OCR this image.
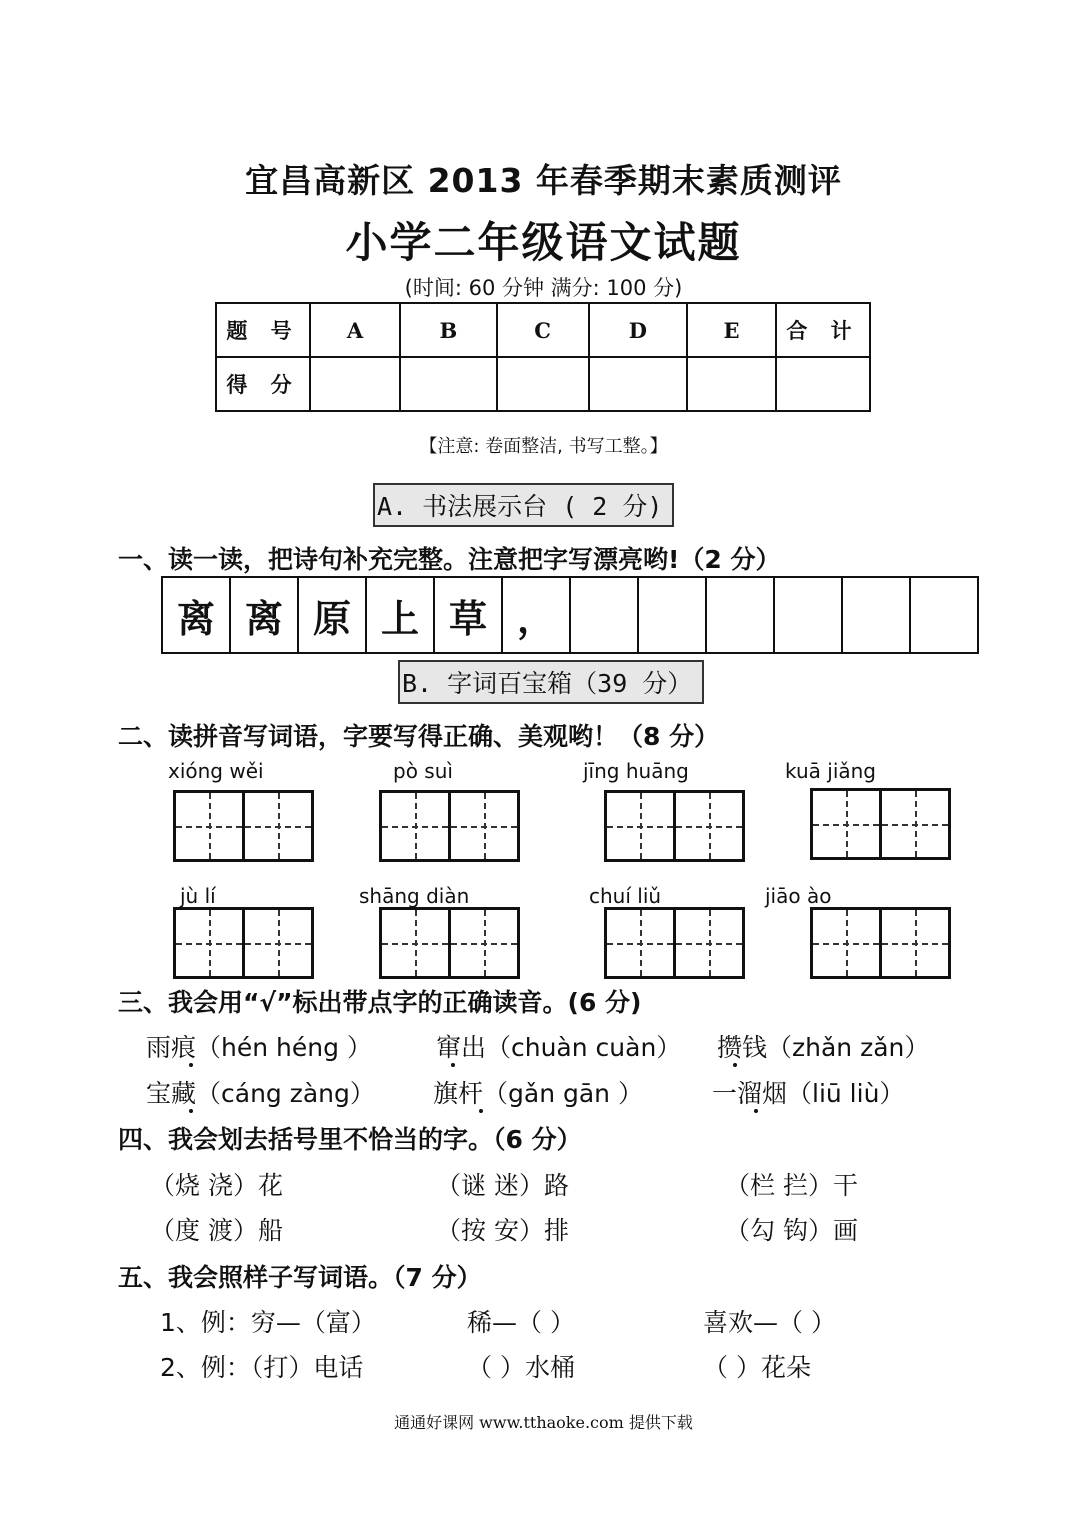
宜昌高新区 2013 年春季期末素质测评
小学二年级语文试题
(时间: 60 分钟 满分: 100 分)
题 号	A	B	C	D	E	合 计
得 分						
【注意: 卷面整洁, 书写工整。】
A. 书法展示台 ( 2 分)
一、读一读，把诗句补充完整。注意把字写漂亮哟!（2 分）
离 离 原 上 草 ，
B. 字词百宝箱（39 分）
二、读拼音写词语，字要写得正确、美观哟！（8 分）
xióng wěi	pò suì	jīng huāng	kuā jiǎng
jù lí	shāng diàn	chuí liǔ	jiāo ào
三、我会用“√”标出带点字的正确读音。(6 分)
雨痕（hén héng ）	窜出（chuàn cuàn） 攒钱（zhǎn zǎn）
宝藏（cáng zàng） 旗杆（gǎn gān ）	一溜烟（liū liù）
四、我会划去括号里不恰当的字。（6 分）
（烧 浇）花	（谜 迷）路	（栏 拦）干
（度 渡）船	（按 安）排	（勾 钩）画
五、我会照样子写词语。（7 分）
1、例：穷—（富）	稀—（ ）	喜欢—（ ）
2、例：（打）电话	（ ）水桶	（ ）花朵
通通好课网 www.tthaoke.com 提供下载
